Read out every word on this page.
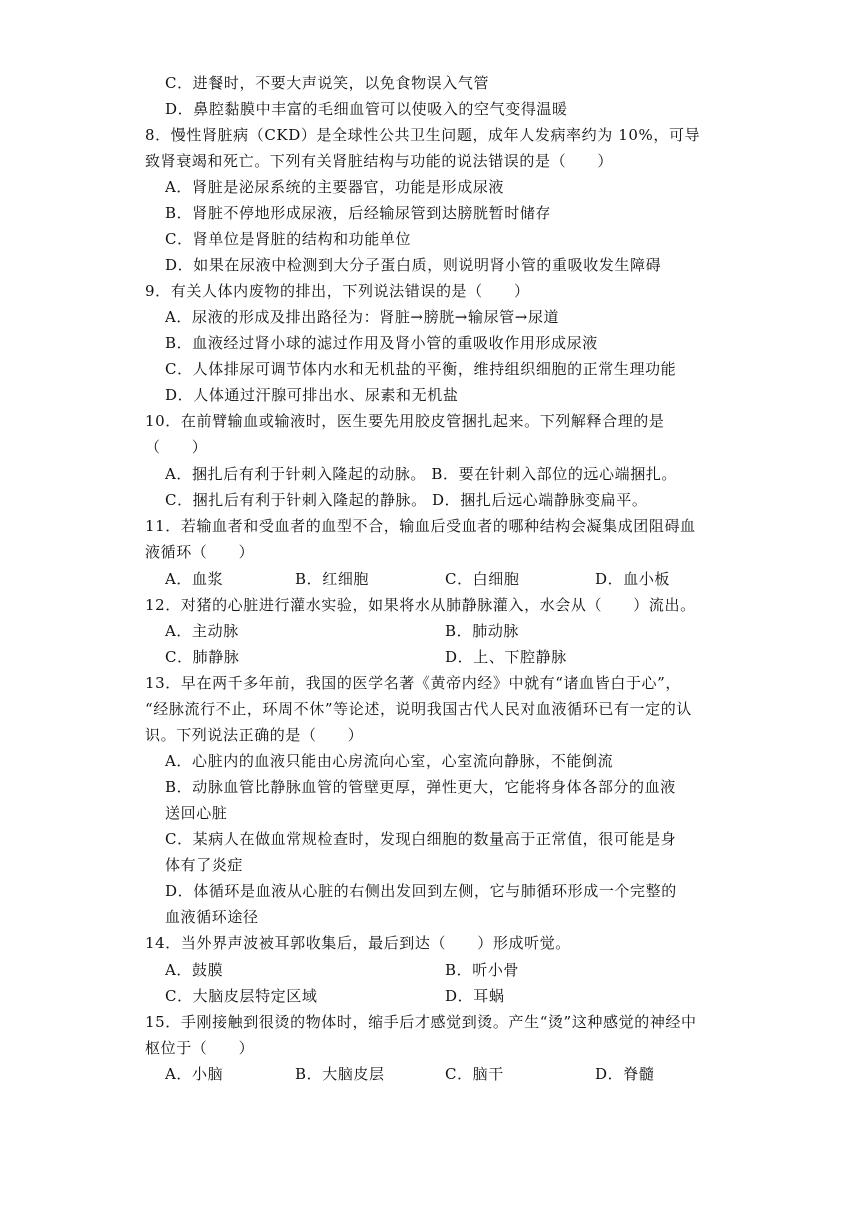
C．进餐时，不要大声说笑，以免食物误入气管
D．鼻腔黏膜中丰富的毛细血管可以使吸入的空气变得温暖
8．慢性肾脏病（CKD）是全球性公共卫生问题，成年人发病率约为 10%，可导
致肾衰竭和死亡。下列有关肾脏结构与功能的说法错误的是（　　）
A．肾脏是泌尿系统的主要器官，功能是形成尿液
B．肾脏不停地形成尿液，后经输尿管到达膀胱暂时储存
C．肾单位是肾脏的结构和功能单位
D．如果在尿液中检测到大分子蛋白质，则说明肾小管的重吸收发生障碍
9．有关人体内废物的排出，下列说法错误的是（　　）
A．尿液的形成及排出路径为：肾脏→膀胱→输尿管→尿道
B．血液经过肾小球的滤过作用及肾小管的重吸收作用形成尿液
C．人体排尿可调节体内水和无机盐的平衡，维持组织细胞的正常生理功能
D．人体通过汗腺可排出水、尿素和无机盐
10．在前臂输血或输液时，医生要先用胶皮管捆扎起来。下列解释合理的是
（　　）
A．捆扎后有利于针刺入隆起的动脉。 B．要在针刺入部位的远心端捆扎。
C．捆扎后有利于针刺入隆起的静脉。 D．捆扎后远心端静脉变扁平。
11．若输血者和受血者的血型不合，输血后受血者的哪种结构会凝集成团阻碍血
液循环（　　）
A．血浆	B．红细胞	C．白细胞	D．血小板
12．对猪的心脏进行灌水实验，如果将水从肺静脉灌入，水会从（　　）流出。
A．主动脉	B．肺动脉
C．肺静脉	D．上、下腔静脉
13．早在两千多年前，我国的医学名著《黄帝内经》中就有“诸血皆白于心”，
“经脉流行不止，环周不休”等论述，说明我国古代人民对血液循环已有一定的认
识。下列说法正确的是（　　）
A．心脏内的血液只能由心房流向心室，心室流向静脉，不能倒流
B．动脉血管比静脉血管的管壁更厚，弹性更大，它能将身体各部分的血液
送回心脏
C．某病人在做血常规检查时，发现白细胞的数量高于正常值，很可能是身
体有了炎症
D．体循环是血液从心脏的右侧出发回到左侧，它与肺循环形成一个完整的
血液循环途径
14．当外界声波被耳郭收集后，最后到达（　　）形成听觉。
A．鼓膜	B．听小骨
C．大脑皮层特定区域	D．耳蜗
15．手刚接触到很烫的物体时，缩手后才感觉到烫。产生“烫”这种感觉的神经中
枢位于（　　）
A．小脑	B．大脑皮层	C．脑干	D．脊髓
